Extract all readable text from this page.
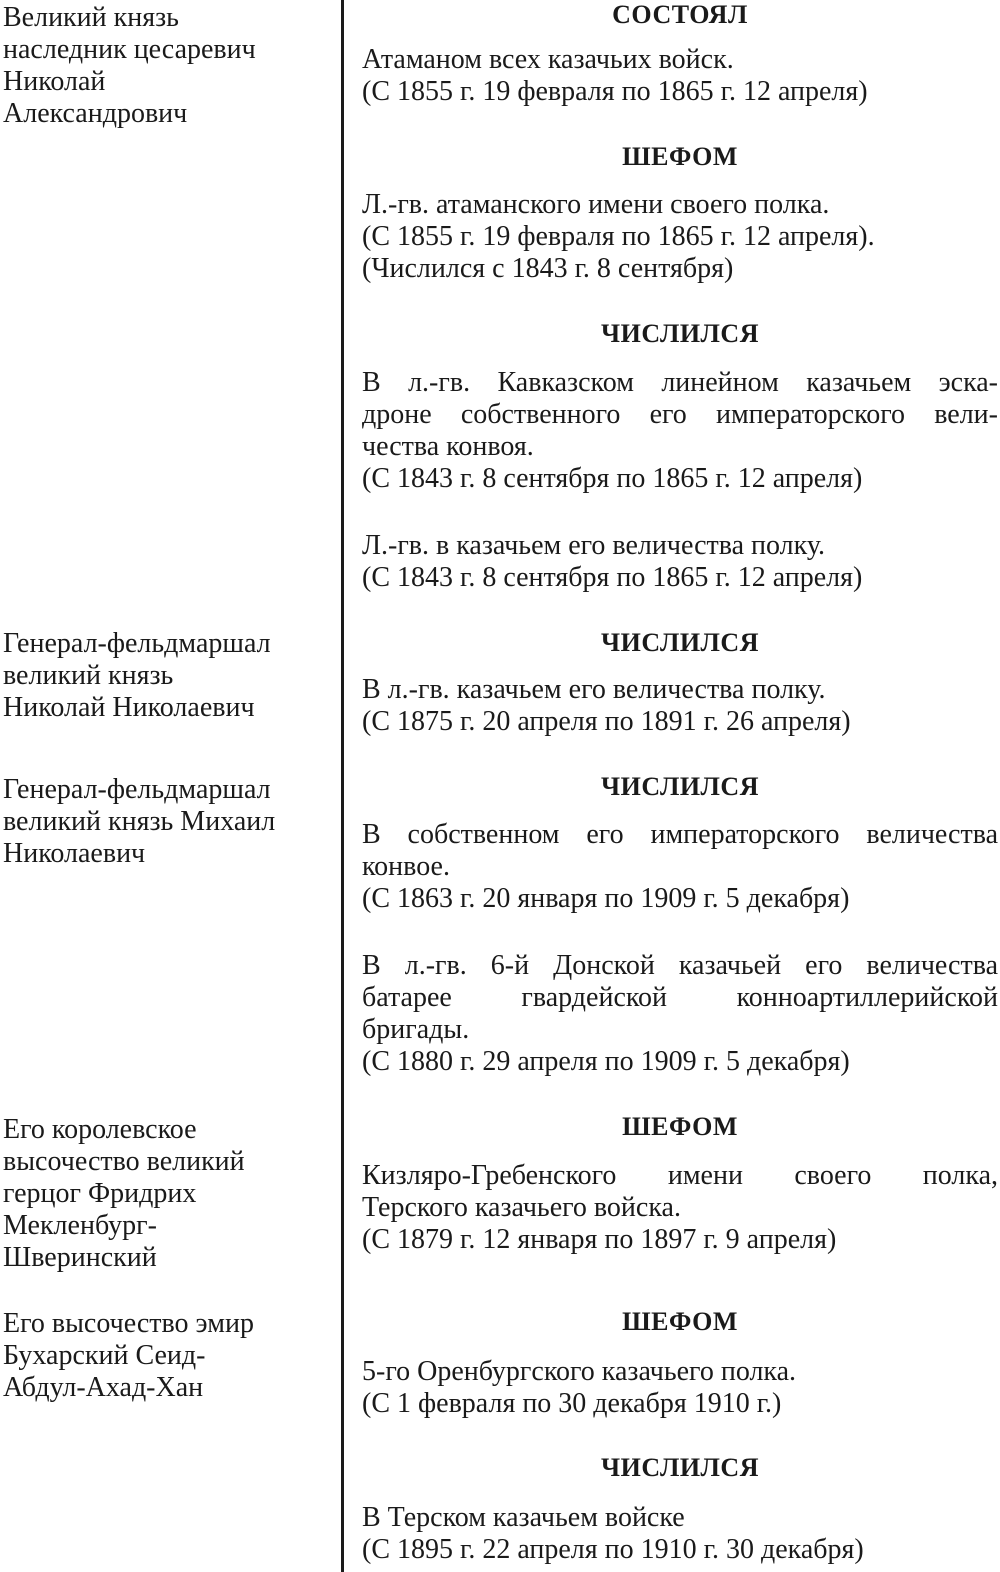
Великий князь
наследник цесаревич
Николай
Александрович
Генерал-фельдмаршал
великий князь
Николай Николаевич
Генерал-фельдмаршал
великий князь Михаил
Николаевич
Его королевское
высочество великий
герцог Фридрих
Мекленбург-
Шверинский
Его высочество эмир
Бухарский Сеид-
Абдул-Ахад-Хан
СОСТОЯЛ
ШЕФОМ
ЧИСЛИЛСЯ
ЧИСЛИЛСЯ
ЧИСЛИЛСЯ
ШЕФОМ
ШЕФОМ
ЧИСЛИЛСЯ
Атаманом всех казачьих войск.
(С 1855 г. 19 февраля по 1865 г. 12 апреля)
Л.-гв. атаманского имени своего полка.
(С 1855 г. 19 февраля по 1865 г. 12 апреля).
(Числился с 1843 г. 8 сентября)
В л.-гв. Кавказском линейном казачьем эска-
дроне собственного его императорского вели-
чества конвоя.
(С 1843 г. 8 сентября по 1865 г. 12 апреля)
Л.-гв. в казачьем его величества полку.
(С 1843 г. 8 сентября по 1865 г. 12 апреля)
В л.-гв. казачьем его величества полку.
(С 1875 г. 20 апреля по 1891 г. 26 апреля)
В собственном его императорского величества
конвое.
(С 1863 г. 20 января по 1909 г. 5 декабря)
В л.-гв. 6-й Донской казачьей его величества
батарее гвардейской конноартиллерийской
бригады.
(С 1880 г. 29 апреля по 1909 г. 5 декабря)
Кизляро-Гребенского имени своего полка,
Терского казачьего войска.
(С 1879 г. 12 января по 1897 г. 9 апреля)
5-го Оренбургского казачьего полка.
(С 1 февраля по 30 декабря 1910 г.)
В Терском казачьем войске
(С 1895 г. 22 апреля по 1910 г. 30 декабря)
